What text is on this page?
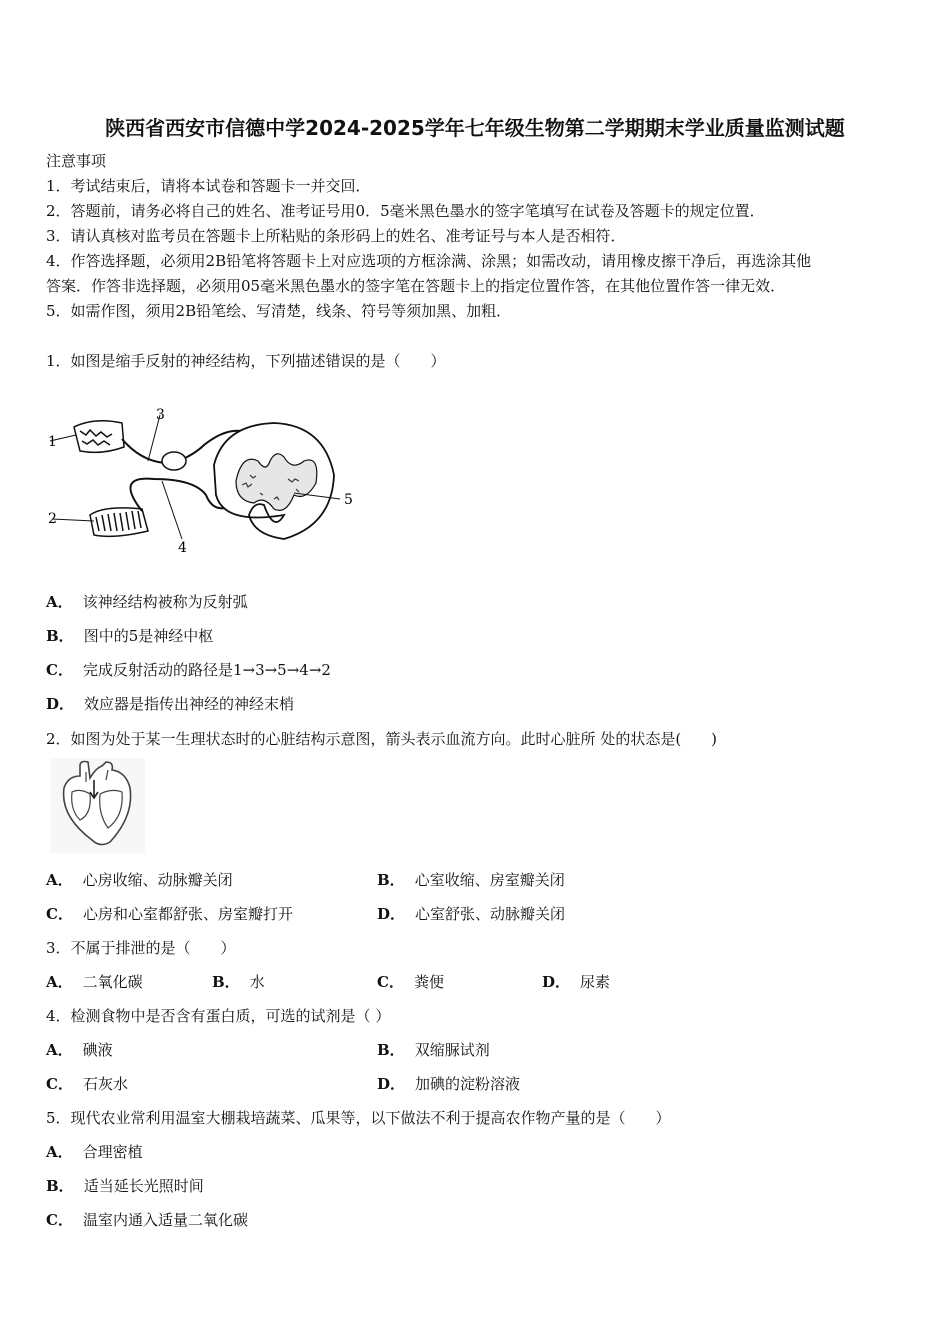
陕西省西安市信德中学2024-2025学年七年级生物第二学期期末学业质量监测试题
注意事项
1．考试结束后，请将本试卷和答题卡一并交回．
2．答题前，请务必将自己的姓名、准考证号用0．5毫米黑色墨水的签字笔填写在试卷及答题卡的规定位置．
3．请认真核对监考员在答题卡上所粘贴的条形码上的姓名、准考证号与本人是否相符．
4．作答选择题，必须用2B铅笔将答题卡上对应选项的方框涂满、涂黑；如需改动，请用橡皮擦干净后，再选涂其他
答案．作答非选择题，必须用05毫米黑色墨水的签字笔在答题卡上的指定位置作答，在其他位置作答一律无效．
5．如需作图，须用2B铅笔绘、写清楚，线条、符号等须加黑、加粗．
1．如图是缩手反射的神经结构，下列描述错误的是（　　）
1
2
3
4
5
A． 该神经结构被称为反射弧
B． 图中的5是神经中枢
C． 完成反射活动的路径是1→3→5→4→2
D． 效应器是指传出神经的神经末梢
2．如图为处于某一生理状态时的心脏结构示意图，箭头表示血流方向。此时心脏所 处的状态是(　　)
A． 心房收缩、动脉瓣关闭	B． 心室收缩、房室瓣关闭
C． 心房和心室都舒张、房室瓣打开	D． 心室舒张、动脉瓣关闭
3．不属于排泄的是（　　）
A． 二氧化碳	B． 水	C． 粪便	D． 尿素
4．检测食物中是否含有蛋白质，可选的试剂是（ ）
A． 碘液	B． 双缩脲试剂
C． 石灰水	D． 加碘的淀粉溶液
5．现代农业常利用温室大棚栽培蔬菜、瓜果等，以下做法不利于提高农作物产量的是（　　）
A． 合理密植
B． 适当延长光照时间
C． 温室内通入适量二氧化碳
